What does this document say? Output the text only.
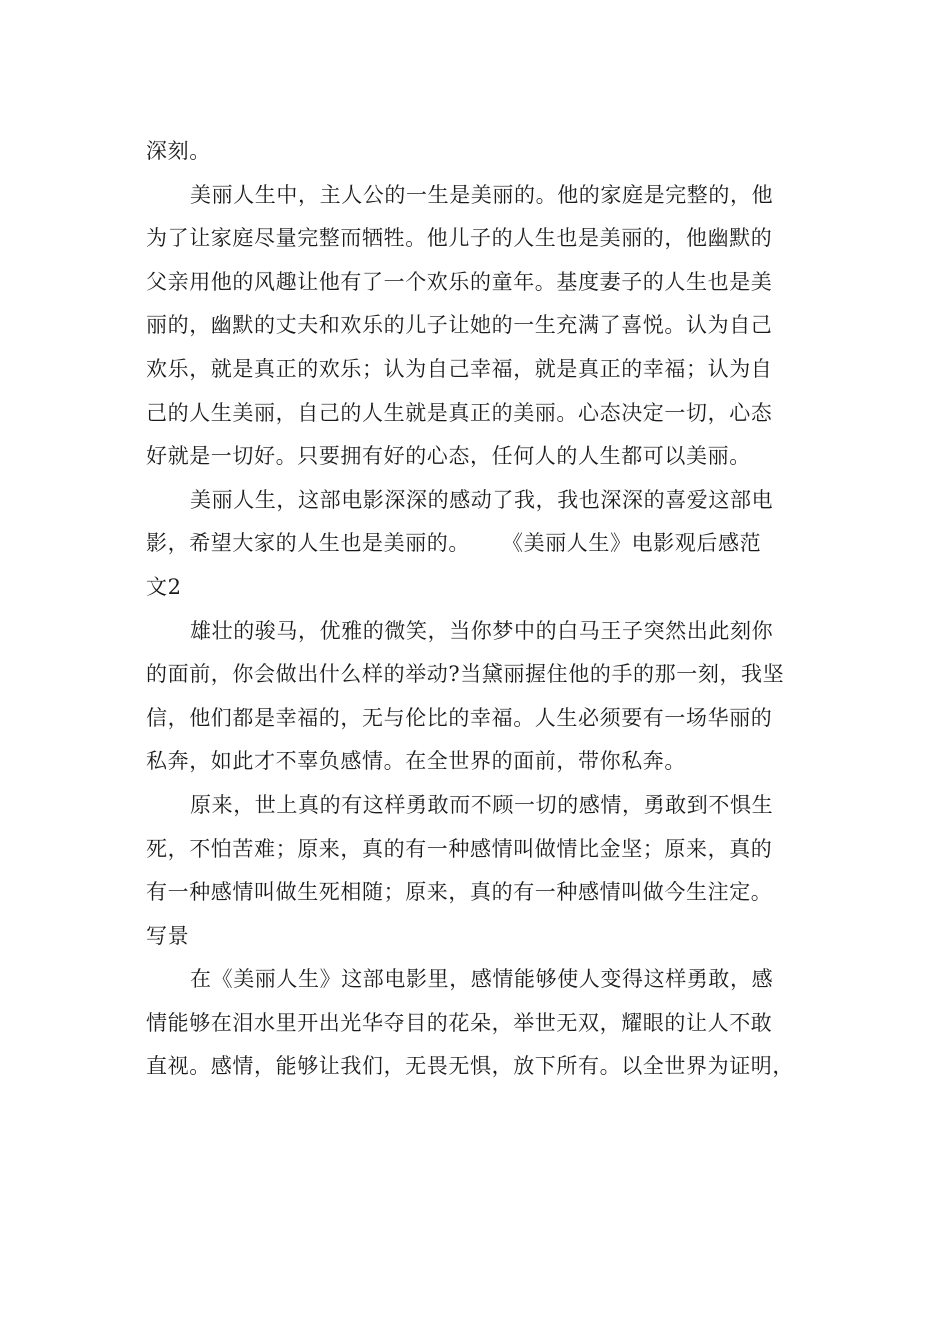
深刻。
美丽人生中，主人公的一生是美丽的。他的家庭是完整的，他
为了让家庭尽量完整而牺牲。他儿子的人生也是美丽的，他幽默的
父亲用他的风趣让他有了一个欢乐的童年。基度妻子的人生也是美
丽的，幽默的丈夫和欢乐的儿子让她的一生充满了喜悦。认为自己
欢乐，就是真正的欢乐；认为自己幸福，就是真正的幸福；认为自
己的人生美丽，自己的人生就是真正的美丽。心态决定一切，心态
好就是一切好。只要拥有好的心态，任何人的人生都可以美丽。
美丽人生，这部电影深深的感动了我，我也深深的喜爱这部电
影，希望大家的人生也是美丽的。 《美丽人生》电影观后感范
文2
雄壮的骏马，优雅的微笑，当你梦中的白马王子突然出此刻你
的面前，你会做出什么样的举动?当黛丽握住他的手的那一刻，我坚
信，他们都是幸福的，无与伦比的幸福。人生必须要有一场华丽的
私奔，如此才不辜负感情。在全世界的面前，带你私奔。
原来，世上真的有这样勇敢而不顾一切的感情，勇敢到不惧生
死，不怕苦难；原来，真的有一种感情叫做情比金坚；原来，真的
有一种感情叫做生死相随；原来，真的有一种感情叫做今生注定。
写景
在《美丽人生》这部电影里，感情能够使人变得这样勇敢，感
情能够在泪水里开出光华夺目的花朵，举世无双，耀眼的让人不敢
直视。感情，能够让我们，无畏无惧，放下所有。以全世界为证明，
